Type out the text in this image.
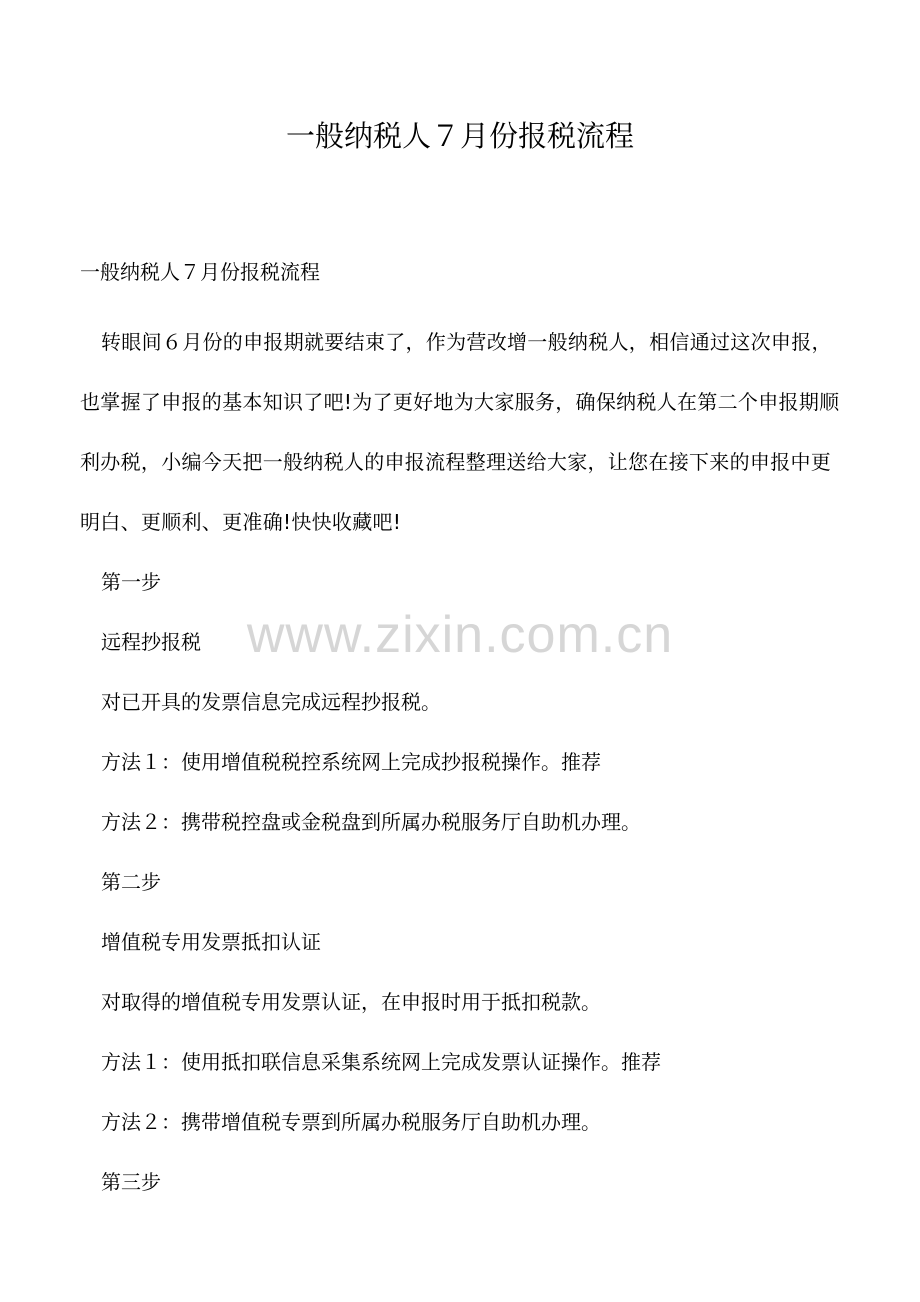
一般纳税人７月份报税流程

一般纳税人７月份报税流程

转眼间６月份的申报期就要结束了，作为营改增一般纳税人，相信通过这次申报，也掌握了申报的基本知识了吧!为了更好地为大家服务，确保纳税人在第二个申报期顺利办税，小编今天把一般纳税人的申报流程整理送给大家，让您在接下来的申报中更明白、更顺利、更准确!快快收藏吧!

第一步

远程抄报税

对已开具的发票信息完成远程抄报税。

方法１：使用增值税税控系统网上完成抄报税操作。推荐

方法２：携带税控盘或金税盘到所属办税服务厅自助机办理。

第二步

增值税专用发票抵扣认证

对取得的增值税专用发票认证，在申报时用于抵扣税款。

方法１：使用抵扣联信息采集系统网上完成发票认证操作。推荐

方法２：携带增值税专票到所属办税服务厅自助机办理。

第三步

www.zixin.com.cn
